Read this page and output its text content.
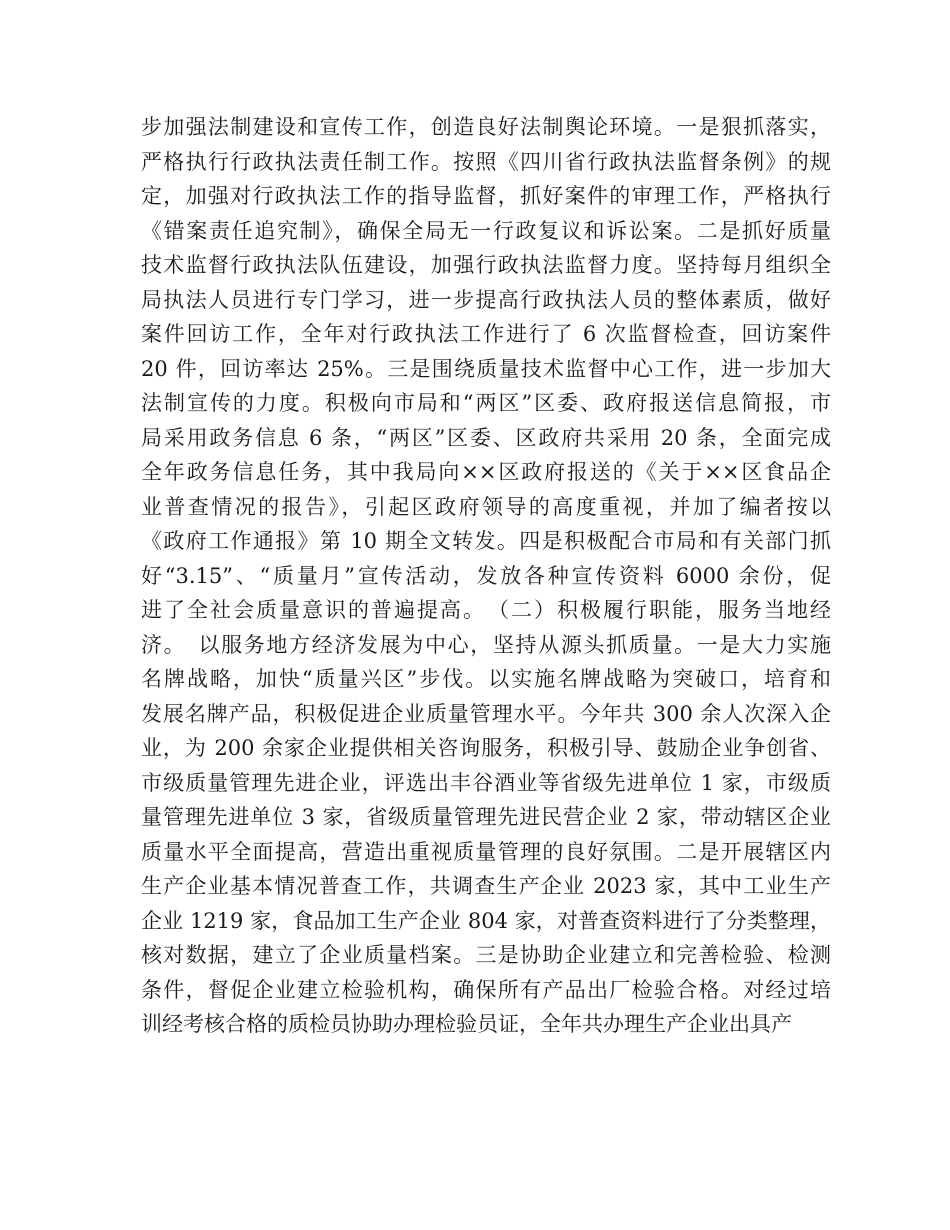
步加强法制建设和宣传工作，创造良好法制舆论环境。一是狠抓落实，
严格执行行政执法责任制工作。按照《四川省行政执法监督条例》的规
定，加强对行政执法工作的指导监督，抓好案件的审理工作，严格执行
《错案责任追究制》，确保全局无一行政复议和诉讼案。二是抓好质量
技术监督行政执法队伍建设，加强行政执法监督力度。坚持每月组织全
局执法人员进行专门学习，进一步提高行政执法人员的整体素质，做好
案件回访工作，全年对行政执法工作进行了 6 次监督检查，回访案件
20 件，回访率达 25%。三是围绕质量技术监督中心工作，进一步加大
法制宣传的力度。积极向市局和“两区”区委、政府报送信息简报，市
局采用政务信息 6 条，“两区”区委、区政府共采用 20 条，全面完成
全年政务信息任务，其中我局向××区政府报送的《关于××区食品企
业普查情况的报告》，引起区政府领导的高度重视，并加了编者按以
《政府工作通报》第 10 期全文转发。四是积极配合市局和有关部门抓
好“3.15”、“质量月”宣传活动，发放各种宣传资料 6000 余份，促
进了全社会质量意识的普遍提高。　（二）积极履行职能，服务当地经
济。　以服务地方经济发展为中心，坚持从源头抓质量。一是大力实施
名牌战略，加快“质量兴区”步伐。以实施名牌战略为突破口，培育和
发展名牌产品，积极促进企业质量管理水平。今年共 300 余人次深入企
业，为 200 余家企业提供相关咨询服务，积极引导、鼓励企业争创省、
市级质量管理先进企业，评选出丰谷酒业等省级先进单位 1 家，市级质
量管理先进单位 3 家，省级质量管理先进民营企业 2 家，带动辖区企业
质量水平全面提高，营造出重视质量管理的良好氛围。二是开展辖区内
生产企业基本情况普查工作，共调查生产企业 2023 家，其中工业生产
企业 1219 家，食品加工生产企业 804 家，对普查资料进行了分类整理，
核对数据，建立了企业质量档案。三是协助企业建立和完善检验、检测
条件，督促企业建立检验机构，确保所有产品出厂检验合格。对经过培
训经考核合格的质检员协助办理检验员证，全年共办理生产企业出具产
